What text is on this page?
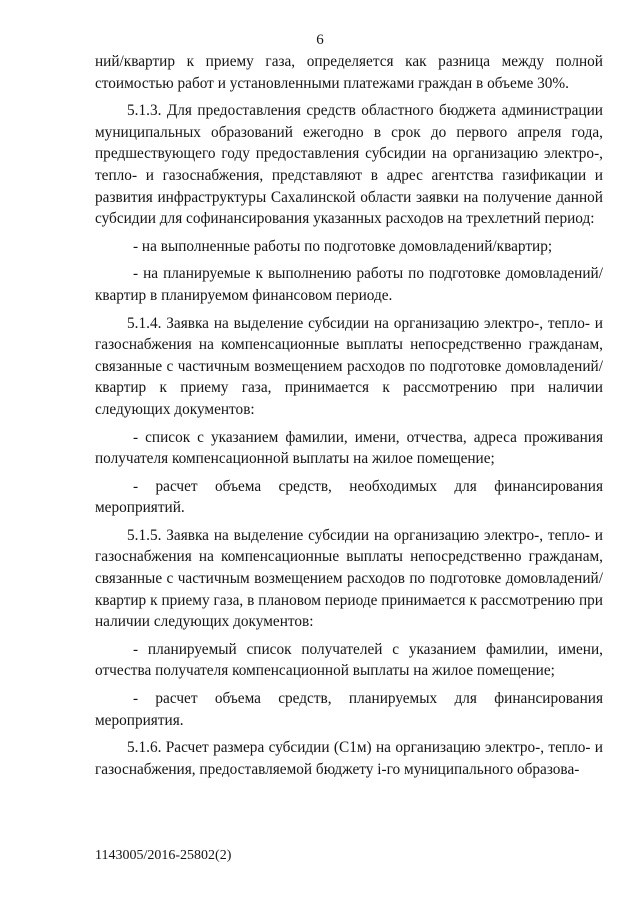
6

ний/квартир к приему газа, определяется как разница между полной стоимостью работ и установленными платежами граждан в объеме 30%.

5.1.3. Для предоставления средств областного бюджета администрации муниципальных образований ежегодно в срок до первого апреля года, предшествующего году предоставления субсидии на организацию электро-, тепло- и газоснабжения, представляют в адрес агентства газификации и развития инфраструктуры Сахалинской области заявки на получение данной субсидии для софинансирования указанных расходов на трехлетний период:

- на выполненные работы по подготовке домовладений/квартир;

- на планируемые к выполнению работы по подготовке домовладений/квартир в планируемом финансовом периоде.

5.1.4. Заявка на выделение субсидии на организацию электро-, тепло- и газоснабжения на компенсационные выплаты непосредственно гражданам, связанные с частичным возмещением расходов по подготовке домовладений/квартир к приему газа, принимается к рассмотрению при наличии следующих документов:

- список с указанием фамилии, имени, отчества, адреса проживания получателя компенсационной выплаты на жилое помещение;

- расчет объема средств, необходимых для финансирования мероприятий.

5.1.5. Заявка на выделение субсидии на организацию электро-, тепло- и газоснабжения на компенсационные выплаты непосредственно гражданам, связанные с частичным возмещением расходов по подготовке домовладений/квартир к приему газа, в плановом периоде принимается к рассмотрению при наличии следующих документов:

- планируемый список получателей с указанием фамилии, имени, отчества получателя компенсационной выплаты на жилое помещение;

- расчет объема средств, планируемых для финансирования мероприятия.

5.1.6. Расчет размера субсидии (C1м) на организацию электро-, тепло- и газоснабжения, предоставляемой бюджету i-го муниципального образова-

1143005/2016-25802(2)
